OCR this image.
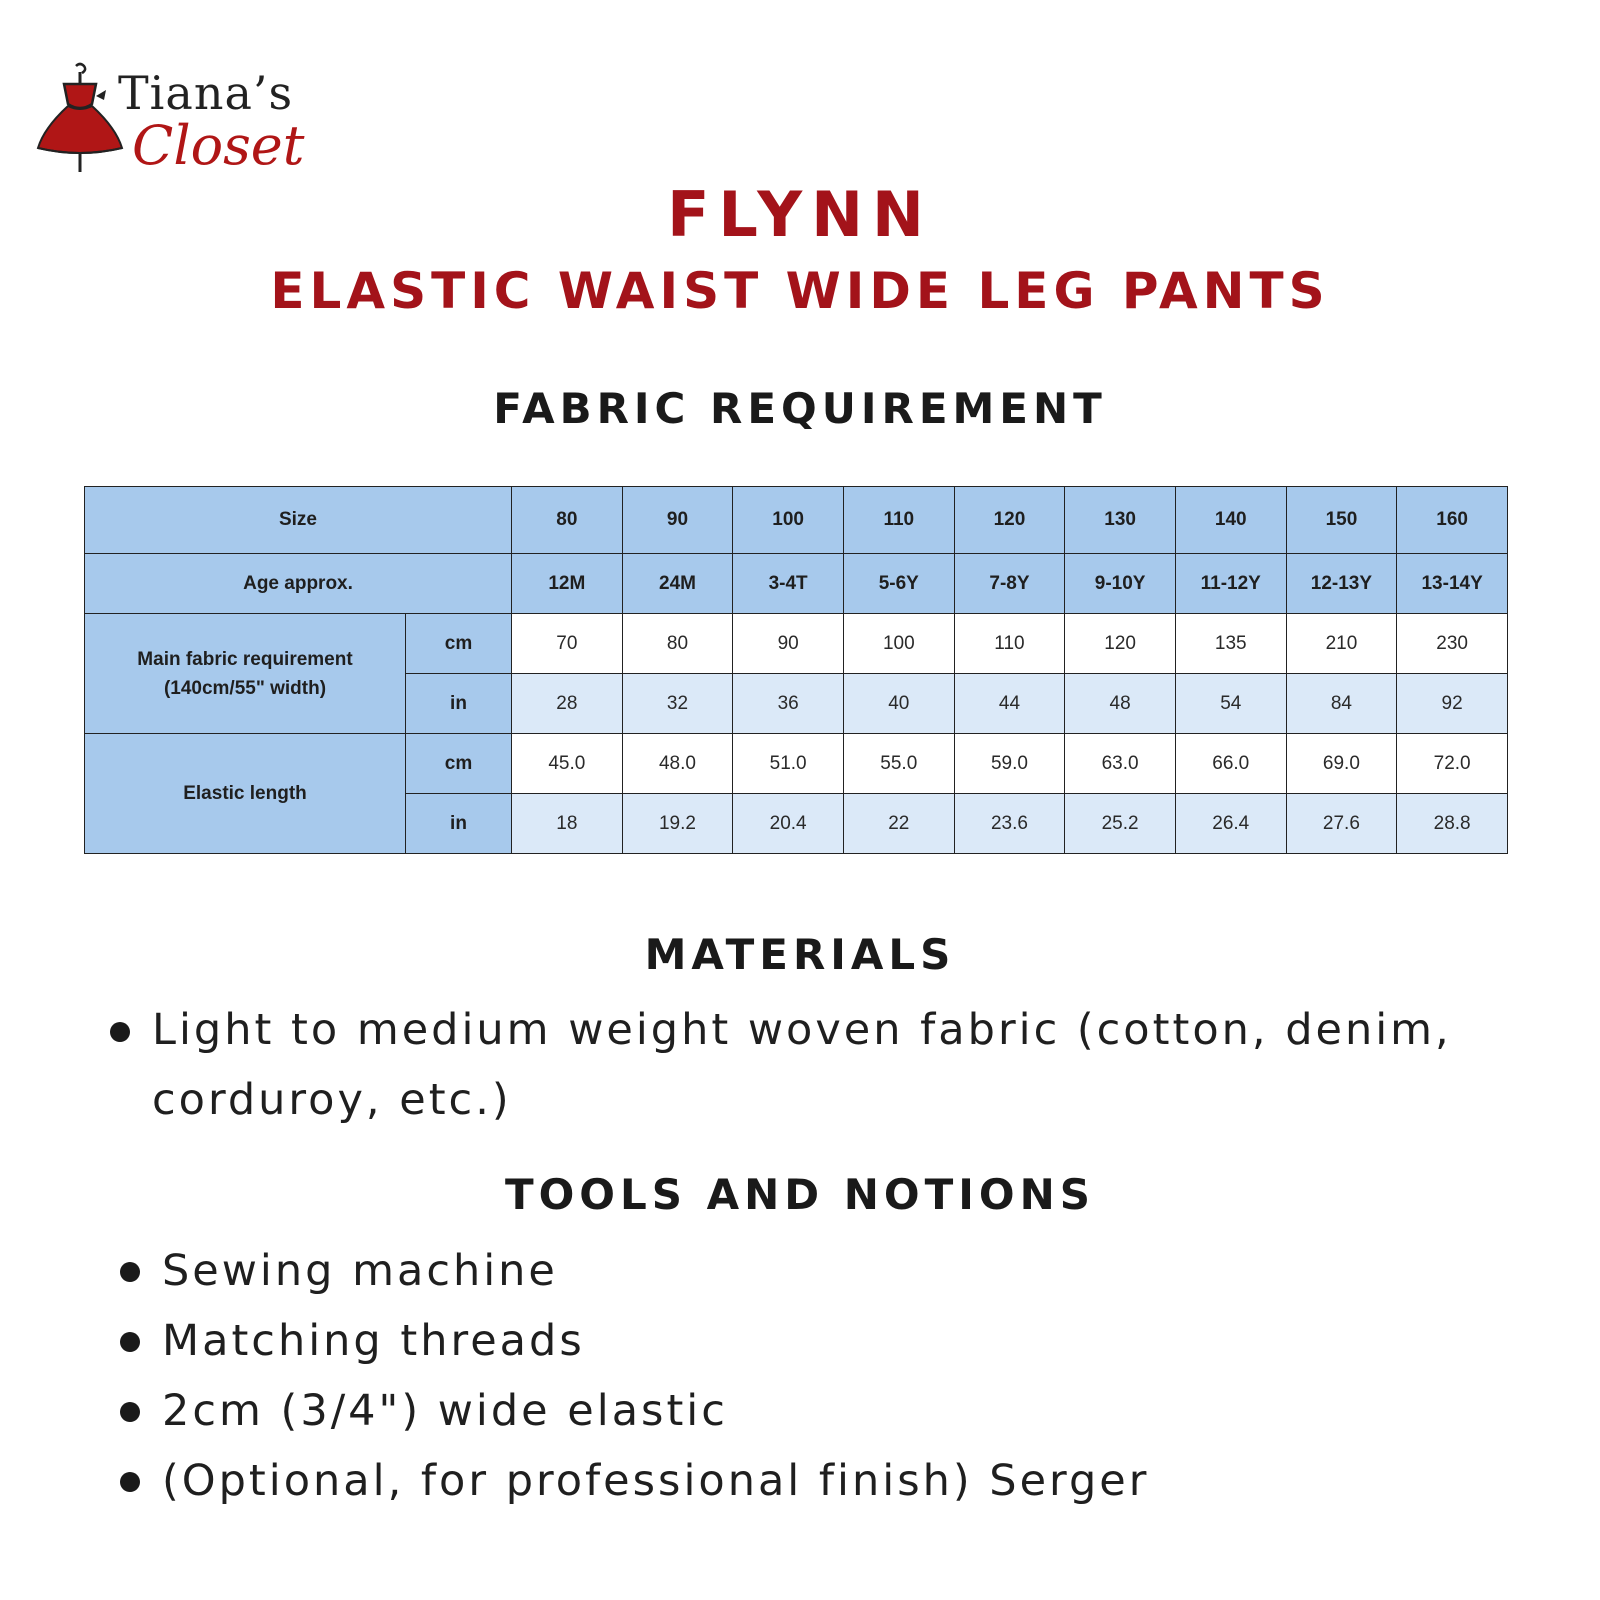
Tiana’s
Closet
FLYNN
ELASTIC WAIST WIDE LEG PANTS
FABRIC REQUIREMENT
Size		80	90	100	110	120	130	140	150	160
Age approx.		12M	24M	3-4T	5-6Y	7-8Y	9-10Y	11-12Y	12-13Y	13-14Y

Main fabric requirement
(140cm/55" width)	cm	70	80	90	100	110	120	135	210	230
	in	28	32	36	40	44	48	54	84	92
Elastic length	cm	45.0	48.0	51.0	55.0	59.0	63.0	66.0	69.0	72.0
	in	18	19.2	20.4	22	23.6	25.2	26.4	27.6	28.8
MATERIALS
Light to medium weight woven fabric (cotton, denim,
corduroy, etc.)
TOOLS AND NOTIONS
Sewing machine
Matching threads
2cm (3/4") wide elastic
(Optional, for professional finish) Serger
